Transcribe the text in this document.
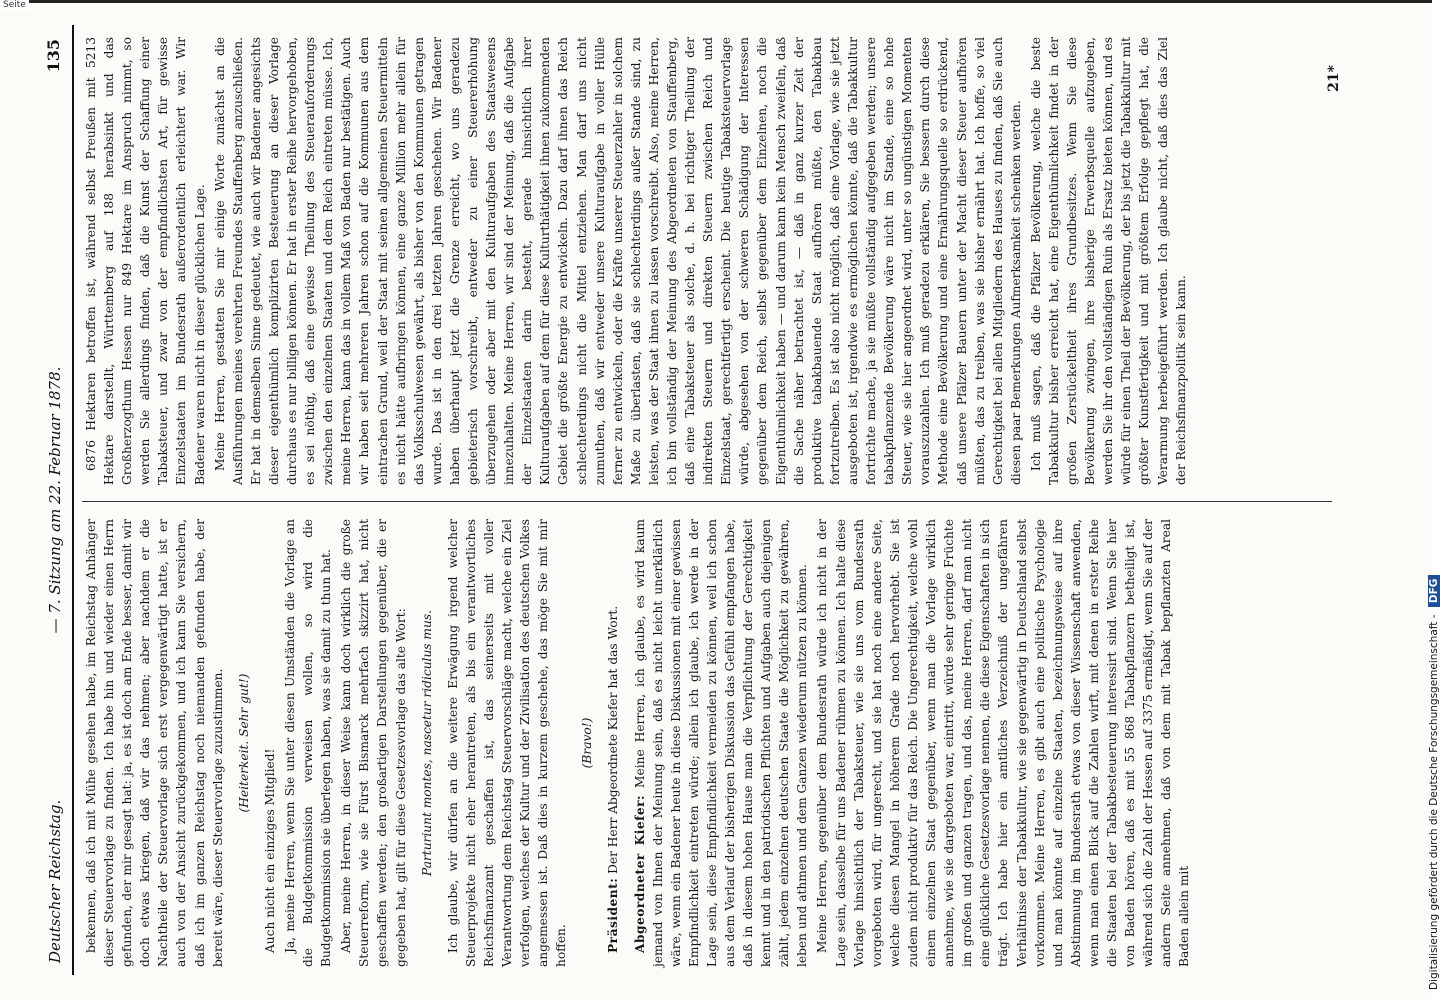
Seite
Deutscher Reichstag.
— 7. Sitzung am 22. Februar 1878.
135

bekennen, daß ich mit Mühe gesehen habe, im Reichstag Anhänger dieser Steuervorlage zu finden. Ich habe hin und wieder einen Herrn gefunden, der mir gesagt hat: ja, es ist doch am Ende besser, damit wir doch etwas kriegen, daß wir das nehmen; aber nachdem er die Nachtheile der Steuervorlage sich erst vergegenwärtigt hatte, ist er auch von der Ansicht zurückgekommen, und ich kann Sie versichern, daß ich im ganzen Reichstag noch niemanden gefunden habe, der bereit wäre, dieser Steuervorlage zuzustimmen. (Heiterkeit. Sehr gut!)

Auch nicht ein einziges Mitglied! Ja, meine Herren, wenn Sie unter diesen Umständen die Vorlage an die Budgetkommission verweisen wollen, so wird die Budgetkommission sie überlegen haben, was sie damit zu thun hat. Aber, meine Herren, in dieser Weise kann doch wirklich die große Steuerreform, wie sie Fürst Bismarck mehrfach skizzirt hat, nicht geschaffen werden; den großartigen Darstellungen gegenüber, die er gegeben hat, gilt für diese Gesetzesvorlage das alte Wort: Parturiunt montes, nascetur ridiculus mus. Ich glaube, wir dürfen an die weitere Erwägung irgend welcher Steuerprojekte nicht eher herantreten, als bis ein verantwortliches Reichsfinanzamt geschaffen ist, das seinerseits mit voller Verantwortung dem Reichstag Steuervorschläge macht, welche ein Ziel verfolgen, welches der Kultur und der Zivilisation des deutschen Volkes angemessen ist. Daß dies in kurzem geschehe, das möge Sie mit mir hoffen.

(Bravo!)

Präsident: Der Herr Abgeordnete Kiefer hat das Wort. Abgeordneter Kiefer: Meine Herren, ich glaube, es wird kaum jemand von Ihnen der Meinung sein, daß es nicht leicht unerklärlich wäre, wenn ein Badener heute in diese Diskussionen mit einer gewissen Empfindlichkeit eintreten würde; allein ich glaube, ich werde in der Lage sein, diese Empfindlichkeit vermeiden zu können, weil ich schon aus dem Verlauf der bisherigen Diskussion das Gefühl empfangen habe, daß in diesem hohen Hause man die Verpflichtung der Gerechtigkeit kennt und in den patriotischen Pflichten und Aufgaben auch diejenigen zählt, jedem einzelnen deutschen Staate die Möglichkeit zu gewähren, leben und athmen und dem Ganzen wiederum nützen zu können. Meine Herren, gegenüber dem Bundesrath würde ich nicht in der Lage sein, dasselbe für uns Badener rühmen zu können. Ich halte diese Vorlage hinsichtlich der Tabaksteuer, wie sie uns vom Bundesrath vorgeboten wird, für ungerecht, und sie hat noch eine andere Seite, welche diesen Mangel in höherem Grade noch hervorhebt. Sie ist zudem nicht produktiv für das Reich. Die Ungerechtigkeit, welche wohl einem einzelnen Staat gegenüber, wenn man die Vorlage wirklich annehme, wie sie dargeboten war, eintritt, würde sehr geringe Früchte im großen und ganzen tragen, und das, meine Herren, darf man nicht eine glückliche Gesetzesvorlage nennen, die diese Eigenschaften in sich trägt. Ich habe hier ein amtliches Verzeichniß der ungefähren Verhältnisse der Tabakkultur, wie sie gegenwärtig in Deutschland selbst vorkommen. Meine Herren, es gibt auch eine politische Psychologie und man könnte auf einzelne Staaten, bezeichnungsweise auf ihre Abstimmung im Bundesrath etwas von dieser Wissenschaft anwenden, wenn man einen Blick auf die Zahlen wirft, mit denen in erster Reihe die Staaten bei der Tabakbesteuerung interessirt sind. Wenn Sie hier von Baden hören, daß es mit 55 868 Tabakpflanzern betheiligt ist, während sich die Zahl der Hessen auf 3375 ermäßigt, wenn Sie auf der andern Seite annehmen, daß von dem mit Tabak bepflanzten Areal Baden allein mit

6876 Hektaren betroffen ist, während selbst Preußen mit 5213 Hektare darstellt, Württemberg auf 188 herabsinkt und das Großherzogthum Hessen nur 849 Hektare im Anspruch nimmt, so werden Sie allerdings finden, daß die Kunst der Schaffung einer Tabaksteuer, und zwar von der empfindlichsten Art, für gewisse Einzelstaaten im Bundesrath außerordentlich erleichtert war. Wir Badener waren nicht in dieser glücklichen Lage. Meine Herren, gestatten Sie mir einige Worte zunächst an die Ausführungen meines verehrten Freundes Stauffenberg anzuschließen. Er hat in demselben Sinne gedeutet, wie auch wir Badener angesichts dieser eigenthümlich komplizirten Besteuerung an dieser Vorlage durchaus es nur billigen können. Er hat in erster Reihe hervorgehoben, es sei nöthig, daß eine gewisse Theilung des Steuerauforderungs zwischen den einzelnen Staaten und dem Reich eintreten müsse. Ich, meine Herren, kann das in vollem Maß von Baden nur bestätigen. Auch wir haben seit mehreren Jahren schon auf die Kommunen aus dem eintrachen Grund, weil der Staat mit seinen allgemeinen Steuermitteln es nicht hätte aufbringen können, eine ganze Million mehr allein für das Volksschulwesen gewährt, als bisher von den Kommunen getragen wurde. Das ist in den drei letzten Jahren geschehen. Wir Badener haben überhaupt jetzt die Grenze erreicht, wo uns geradezu gebieterisch vorschreibt, entweder zu einer Steuererhöhung überzugehen oder aber mit den Kulturaufgaben des Staatswesens innezuhalten. Meine Herren, wir sind der Meinung, daß die Aufgabe der Einzelstaaten darin besteht, gerade hinsichtlich ihrer Kulturaufgaben auf dem für diese Kulturthätigkeit ihnen zukommenden Gebiet die größte Energie zu entwickeln. Dazu darf ihnen das Reich schlechterdings nicht die Mittel entziehen. Man darf uns nicht zumuthen, daß wir entweder unsere Kulturaufgabe in voller Hülle ferner zu entwickeln, oder die Kräfte unserer Steuerzahler in solchem Maße zu überlasten, daß sie schlechterdings außer Stande sind, zu leisten, was der Staat ihnen zu lassen vorschreibt. Also, meine Herren, ich bin vollständig der Meinung des Abgeordneten von Stauffenberg, daß eine Tabaksteuer als solche, d. h. bei richtiger Theilung der indirekten Steuern und direkten Steuern zwischen Reich und Einzelstaat, gerechtfertigt erscheint. Die heutige Tabaksteuervorlage würde, abgesehen von der schweren Schädigung der Interessen gegenüber dem Reich, selbst gegenüber dem Einzelnen, noch die Eigenthümlichkeit haben — und darum kann kein Mensch zweifeln, daß die Sache näher betrachtet ist, — daß in ganz kurzer Zeit der produktive tabakbauende Staat aufhören müßte, den Tabakbau fortzutreiben. Es ist also nicht möglich, daß eine Vorlage, wie sie jetzt ausgeboten ist, irgendwie es ermöglichen könnte, daß die Tabakkultur fortrichte mache, ja sie müßte vollständig aufgegeben werden; unsere tabakpflanzende Bevölkerung wäre nicht im Stande, eine so hohe Steuer, wie sie hier angeordnet wird, unter so ungünstigen Momenten vorauszuzahlen. Ich muß geradezu erklären, Sie bessern durch diese Methode eine Bevölkerung und eine Ernährungsquelle so erdrückend, daß unsere Pfälzer Bauern unter der Macht dieser Steuer aufhören müßten, das zu treiben, was sie bisher ernährt hat. Ich hoffe, so viel Gerechtigkeit bei allen Mitgliedern des Hauses zu finden, daß Sie auch diesen paar Bemerkungen Aufmerksamkeit schenken werden. Ich muß sagen, daß die Pfälzer Bevölkerung, welche die beste Tabakkultur bisher erreicht hat, eine Eigenthümlichkeit findet in der großen Zerstückeltheit ihres Grundbesitzes. Wenn Sie diese Bevölkerung zwingen, ihre bisherige Erwerbsquelle aufzugeben, werden Sie ihr den vollständigen Ruin als Ersatz bieten können, und es würde für einen Theil der Bevölkerung, der bis jetzt die Tabakkultur mit größter Kunstfertigkeit und mit größtem Erfolge gepflegt hat, die Verarmung herbeigeführt werden. Ich glaube nicht, daß dies das Ziel der Reichsfinanzpolitik sein kann.

21*
Digitalisierung gefördert durch die Deutsche Forschungsgemeinschaft - DFG
